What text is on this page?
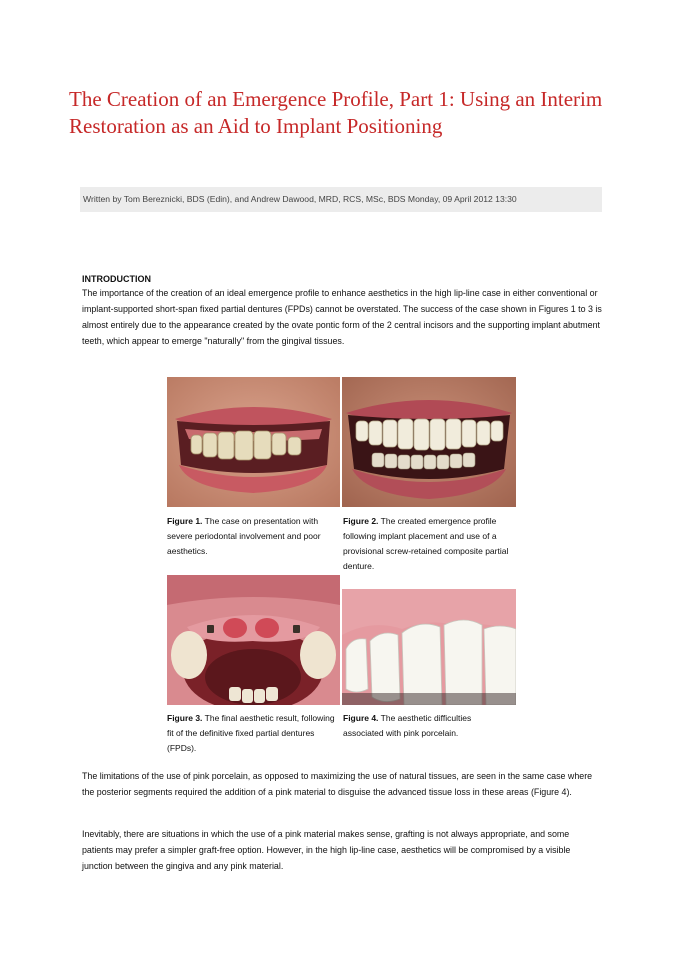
The Creation of an Emergence Profile, Part 1: Using an Interim Restoration as an Aid to Implant Positioning
Written by Tom Bereznicki, BDS (Edin), and Andrew Dawood, MRD, RCS, MSc, BDS Monday, 09 April 2012 13:30
INTRODUCTION

The importance of the creation of an ideal emergence profile to enhance aesthetics in the high lip-line case in either conventional or implant-supported short-span fixed partial dentures (FPDs) cannot be overstated. The success of the case shown in Figures 1 to 3 is almost entirely due to the appearance created by the ovate pontic form of the 2 central incisors and the supporting implant abutment teeth, which appear to emerge "naturally" from the gingival tissues.

Figure 1. The case on presentation with severe periodontal involvement and poor aesthetics.

Figure 2. The created emergence profile following implant placement and use of a provisional screw-retained composite partial denture.

Figure 3. The final aesthetic result, following fit of the definitive fixed partial dentures (FPDs).

Figure 4. The aesthetic difficulties associated with pink porcelain.

The limitations of the use of pink porcelain, as opposed to maximizing the use of natural tissues, are seen in the same case where the posterior segments required the addition of a pink material to disguise the advanced tissue loss in these areas (Figure 4).

Inevitably, there are situations in which the use of a pink material makes sense, grafting is not always appropriate, and some patients may prefer a simpler graft-free option. However, in the high lip-line case, aesthetics will be compromised by a visible junction between the gingiva and any pink material.
